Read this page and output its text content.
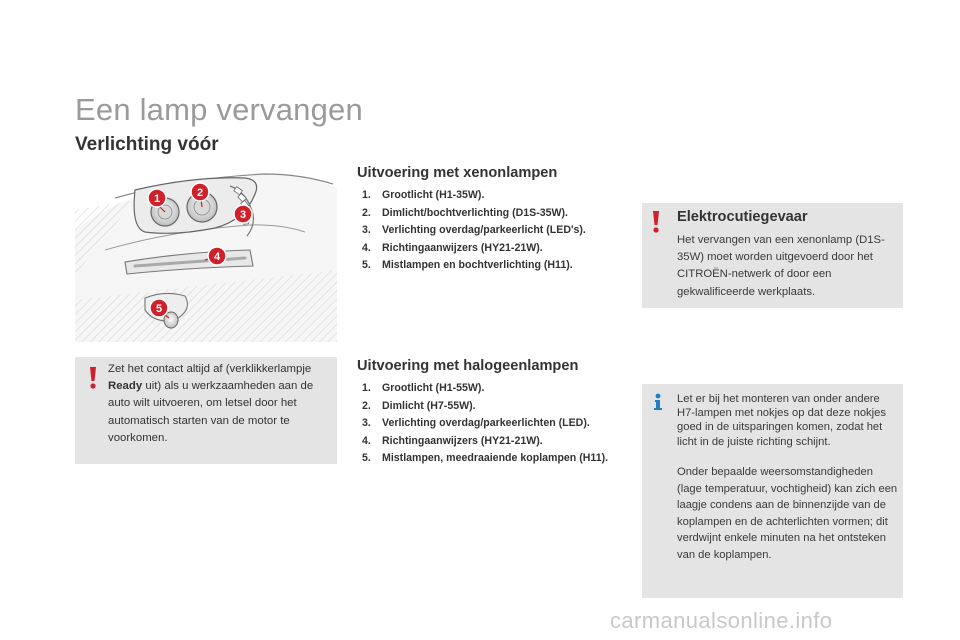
Een lamp vervangen
Verlichting vóór
1	2
3
4
5
Zet het contact altijd af (verklikkerlampje Ready uit) als u werkzaamheden aan de auto wilt uitvoeren, om letsel door het automatisch starten van de motor te voorkomen.
Uitvoering met xenonlampen
1. Grootlicht (H1-35W).
2. Dimlicht/bochtverlichting (D1S-35W).
3. Verlichting overdag/parkeerlicht (LED's).
4. Richtingaanwijzers (HY21-21W).
5. Mistlampen en bochtverlichting (H11).
Uitvoering met halogeenlampen
1. Grootlicht (H1-55W).
2. Dimlicht (H7-55W).
3. Verlichting overdag/parkeerlichten (LED).
4. Richtingaanwijzers (HY21-21W).
5. Mistlampen, meedraaiende koplampen (H11).
Elektrocutiegevaar
Het vervangen van een xenonlamp (D1S-35W) moet worden uitgevoerd door het CITROËN-netwerk of door een gekwalificeerde werkplaats.
Let er bij het monteren van onder andere H7-lampen met nokjes op dat deze nokjes goed in de uitsparingen komen, zodat het licht in de juiste richting schijnt.
Onder bepaalde weersomstandigheden (lage temperatuur, vochtigheid) kan zich een laagje condens aan de binnenzijde van de koplampen en de achterlichten vormen; dit verdwijnt enkele minuten na het ontsteken van de koplampen.
carmanualsonline.info
